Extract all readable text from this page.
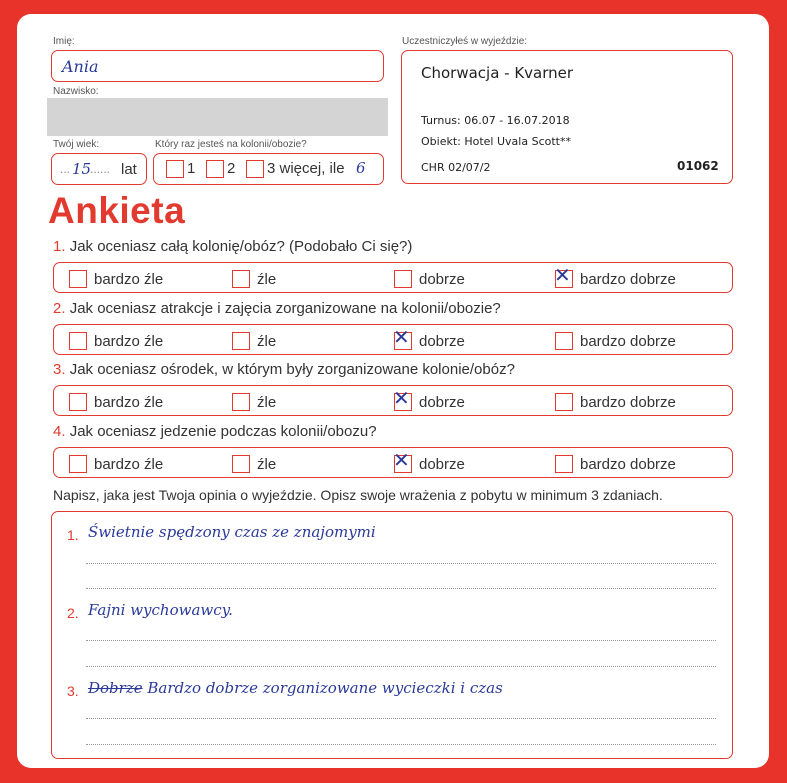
Imię:
Ania
Nazwisko:
Twój wiek:
... 15
...... lat
Który raz jesteś na kolonii/obozie?
1 2 3 więcej, ile 6
Uczestniczyłeś w wyjeździe:
Chorwacja - Kvarner
Turnus: 06.07 - 16.07.2018
Obiekt: Hotel Uvala Scott**
CHR 02/07/2	01062
Ankieta
1. Jak oceniasz całą kolonię/obóz? (Podobało Ci się?)
bardzo źle	źle	dobrze	✕ bardzo dobrze
2. Jak oceniasz atrakcje i zajęcia zorganizowane na kolonii/obozie?
bardzo źle	źle	✕ dobrze	bardzo dobrze
3. Jak oceniasz ośrodek, w którym były zorganizowane kolonie/obóz?
bardzo źle	źle	✕ dobrze	bardzo dobrze
4. Jak oceniasz jedzenie podczas kolonii/obozu?
bardzo źle	źle	✕ dobrze	bardzo dobrze
Napisz, jaka jest Twoja opinia o wyjeździe. Opisz swoje wrażenia z pobytu w minimum 3 zdaniach.
1. Świetnie spędzony czas ze znajomymi
2. Fajni wychowawcy.
3. Dobrze Bardzo dobrze zorganizowane wycieczki i czas
